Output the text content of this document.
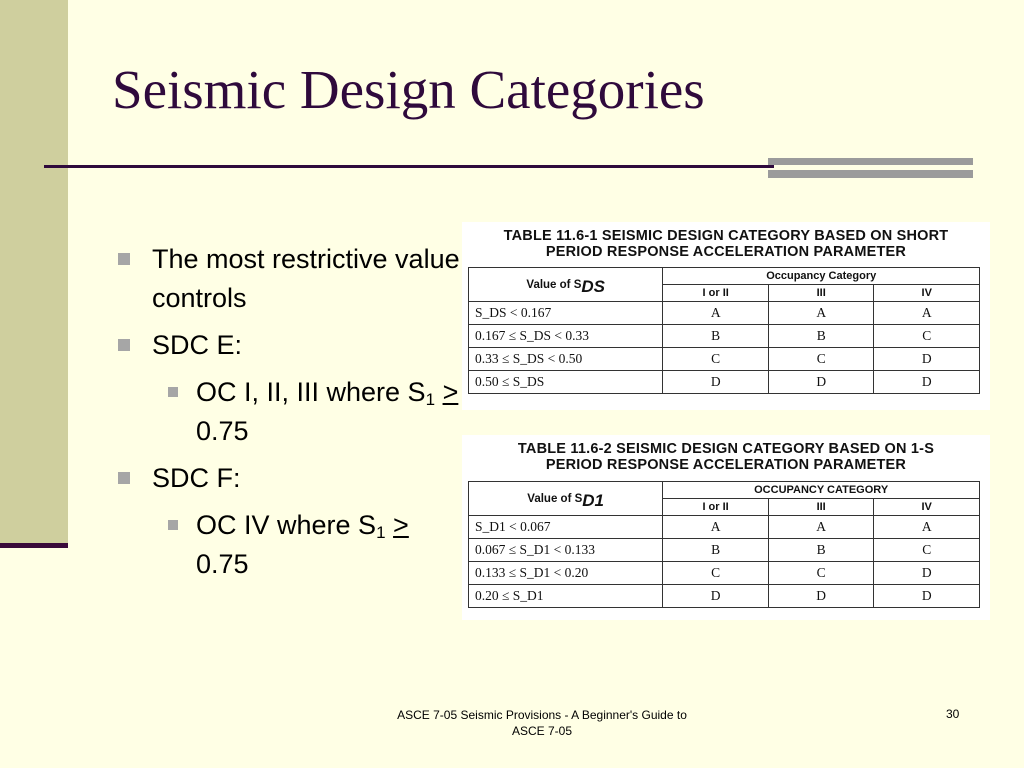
Seismic Design Categories
The most restrictive value controls
SDC E:
OC I, II, III where $S_1 > 0.75$
SDC F:
OC IV where $S_1 > 0.75$
TABLE 11.6-1 SEISMIC DESIGN CATEGORY BASED ON SHORT
PERIOD RESPONSE ACCELERATION PARAMETER
Value of $S_{DS}$	Occupancy Category		
	I or II	III	IV
S_DS < 0.167	A	A	A
0.167 ≤ S_DS < 0.33	B	B	C
0.33 ≤ S_DS < 0.50	C	C	D
0.50 ≤ S_DS	D	D	D
TABLE 11.6-2 SEISMIC DESIGN CATEGORY BASED ON 1-S
PERIOD RESPONSE ACCELERATION PARAMETER
Value of $S_{D1}$	OCCUPANCY CATEGORY		
	I or II	III	IV
S_D1 < 0.067	A	A	A
0.067 ≤ S_D1 < 0.133	B	B	C
0.133 ≤ S_D1 < 0.20	C	C	D
0.20 ≤ S_D1	D	D	D
ASCE 7-05 Seismic Provisions - A Beginner's Guide to ASCE 7-05
30
